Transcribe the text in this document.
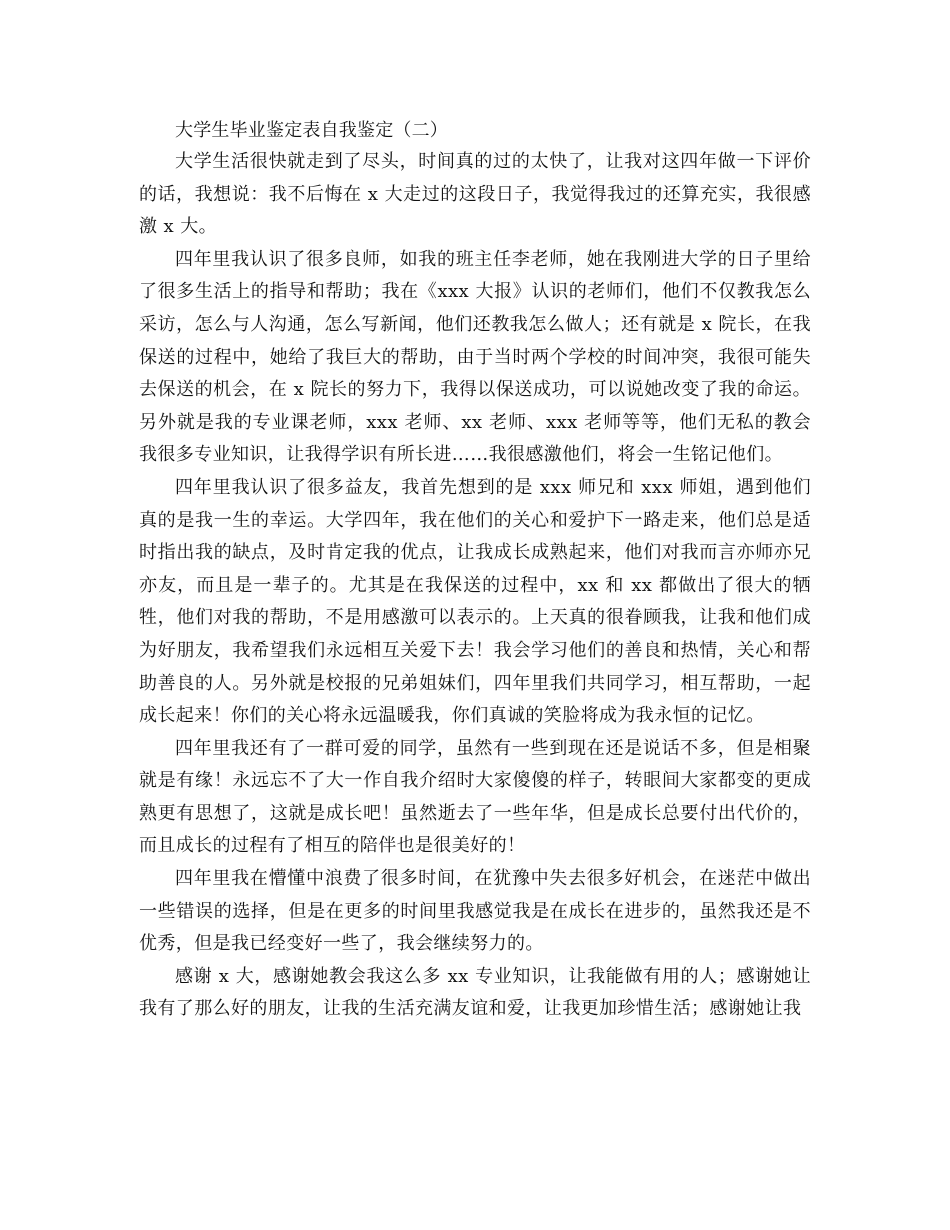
大学生毕业鉴定表自我鉴定（二）

大学生活很快就走到了尽头，时间真的过的太快了，让我对这四年做一下评价的话，我想说：我不后悔在 x 大走过的这段日子，我觉得我过的还算充实，我很感激 x 大。

四年里我认识了很多良师，如我的班主任李老师，她在我刚进大学的日子里给了很多生活上的指导和帮助；我在《xxx 大报》认识的老师们，他们不仅教我怎么采访，怎么与人沟通，怎么写新闻，他们还教我怎么做人；还有就是 x 院长，在我保送的过程中，她给了我巨大的帮助，由于当时两个学校的时间冲突，我很可能失去保送的机会，在 x 院长的努力下，我得以保送成功，可以说她改变了我的命运。另外就是我的专业课老师，xxx 老师、xx 老师、xxx 老师等等，他们无私的教会我很多专业知识，让我得学识有所长进……我很感激他们，将会一生铭记他们。

四年里我认识了很多益友，我首先想到的是 xxx 师兄和 xxx 师姐，遇到他们真的是我一生的幸运。大学四年，我在他们的关心和爱护下一路走来，他们总是适时指出我的缺点，及时肯定我的优点，让我成长成熟起来，他们对我而言亦师亦兄亦友，而且是一辈子的。尤其是在我保送的过程中，xx 和 xx 都做出了很大的牺牲，他们对我的帮助，不是用感激可以表示的。上天真的很眷顾我，让我和他们成为好朋友，我希望我们永远相互关爱下去！我会学习他们的善良和热情，关心和帮助善良的人。另外就是校报的兄弟姐妹们，四年里我们共同学习，相互帮助，一起成长起来！你们的关心将永远温暖我，你们真诚的笑脸将成为我永恒的记忆。

四年里我还有了一群可爱的同学，虽然有一些到现在还是说话不多，但是相聚就是有缘！永远忘不了大一作自我介绍时大家傻傻的样子，转眼间大家都变的更成熟更有思想了，这就是成长吧！虽然逝去了一些年华，但是成长总要付出代价的，而且成长的过程有了相互的陪伴也是很美好的！

四年里我在懵懂中浪费了很多时间，在犹豫中失去很多好机会，在迷茫中做出一些错误的选择，但是在更多的时间里我感觉我是在成长在进步的，虽然我还是不优秀，但是我已经变好一些了，我会继续努力的。

感谢 x 大，感谢她教会我这么多 xx 专业知识，让我能做有用的人；感谢她让我有了那么好的朋友，让我的生活充满友谊和爱，让我更加珍惜生活；感谢她让我
